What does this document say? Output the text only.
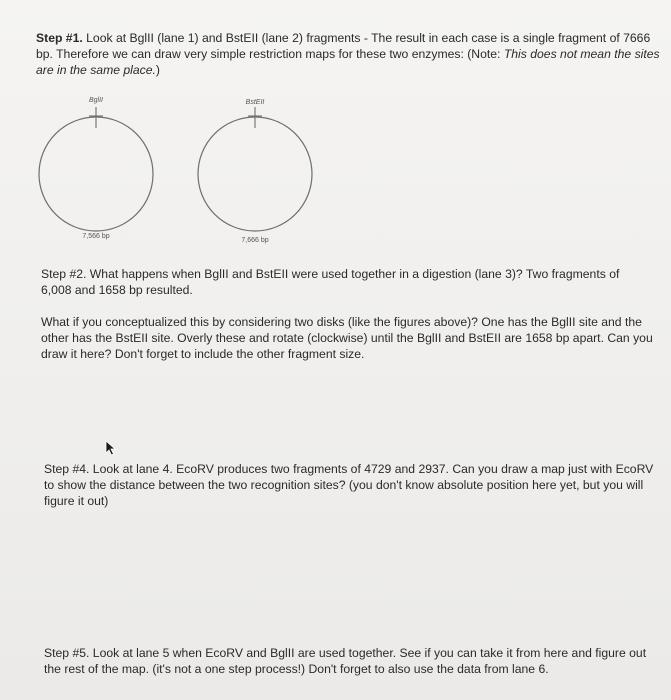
Step #1. Look at BglII (lane 1) and BstEII (lane 2) fragments - The result in each case is a single fragment of 7666 bp. Therefore we can draw very simple restriction maps for these two enzymes: (Note: This does not mean the sites are in the same place.)

BglII
7,566 bp
BstEII
7,666 bp

Step #2. What happens when BglII and BstEII were used together in a digestion (lane 3)? Two fragments of 6,008 and 1658 bp resulted.

What if you conceptualized this by considering two disks (like the figures above)? One has the BglII site and the other has the BstEII site. Overly these and rotate (clockwise) until the BglII and BstEII are 1658 bp apart. Can you draw it here? Don't forget to include the other fragment size.

Step #4. Look at lane 4. EcoRV produces two fragments of 4729 and 2937. Can you draw a map just with EcoRV to show the distance between the two recognition sites? (you don't know absolute position here yet, but you will figure it out)

Step #5. Look at lane 5 when EcoRV and BglII are used together. See if you can take it from here and figure out the rest of the map. (it's not a one step process!) Don't forget to also use the data from lane 6.
